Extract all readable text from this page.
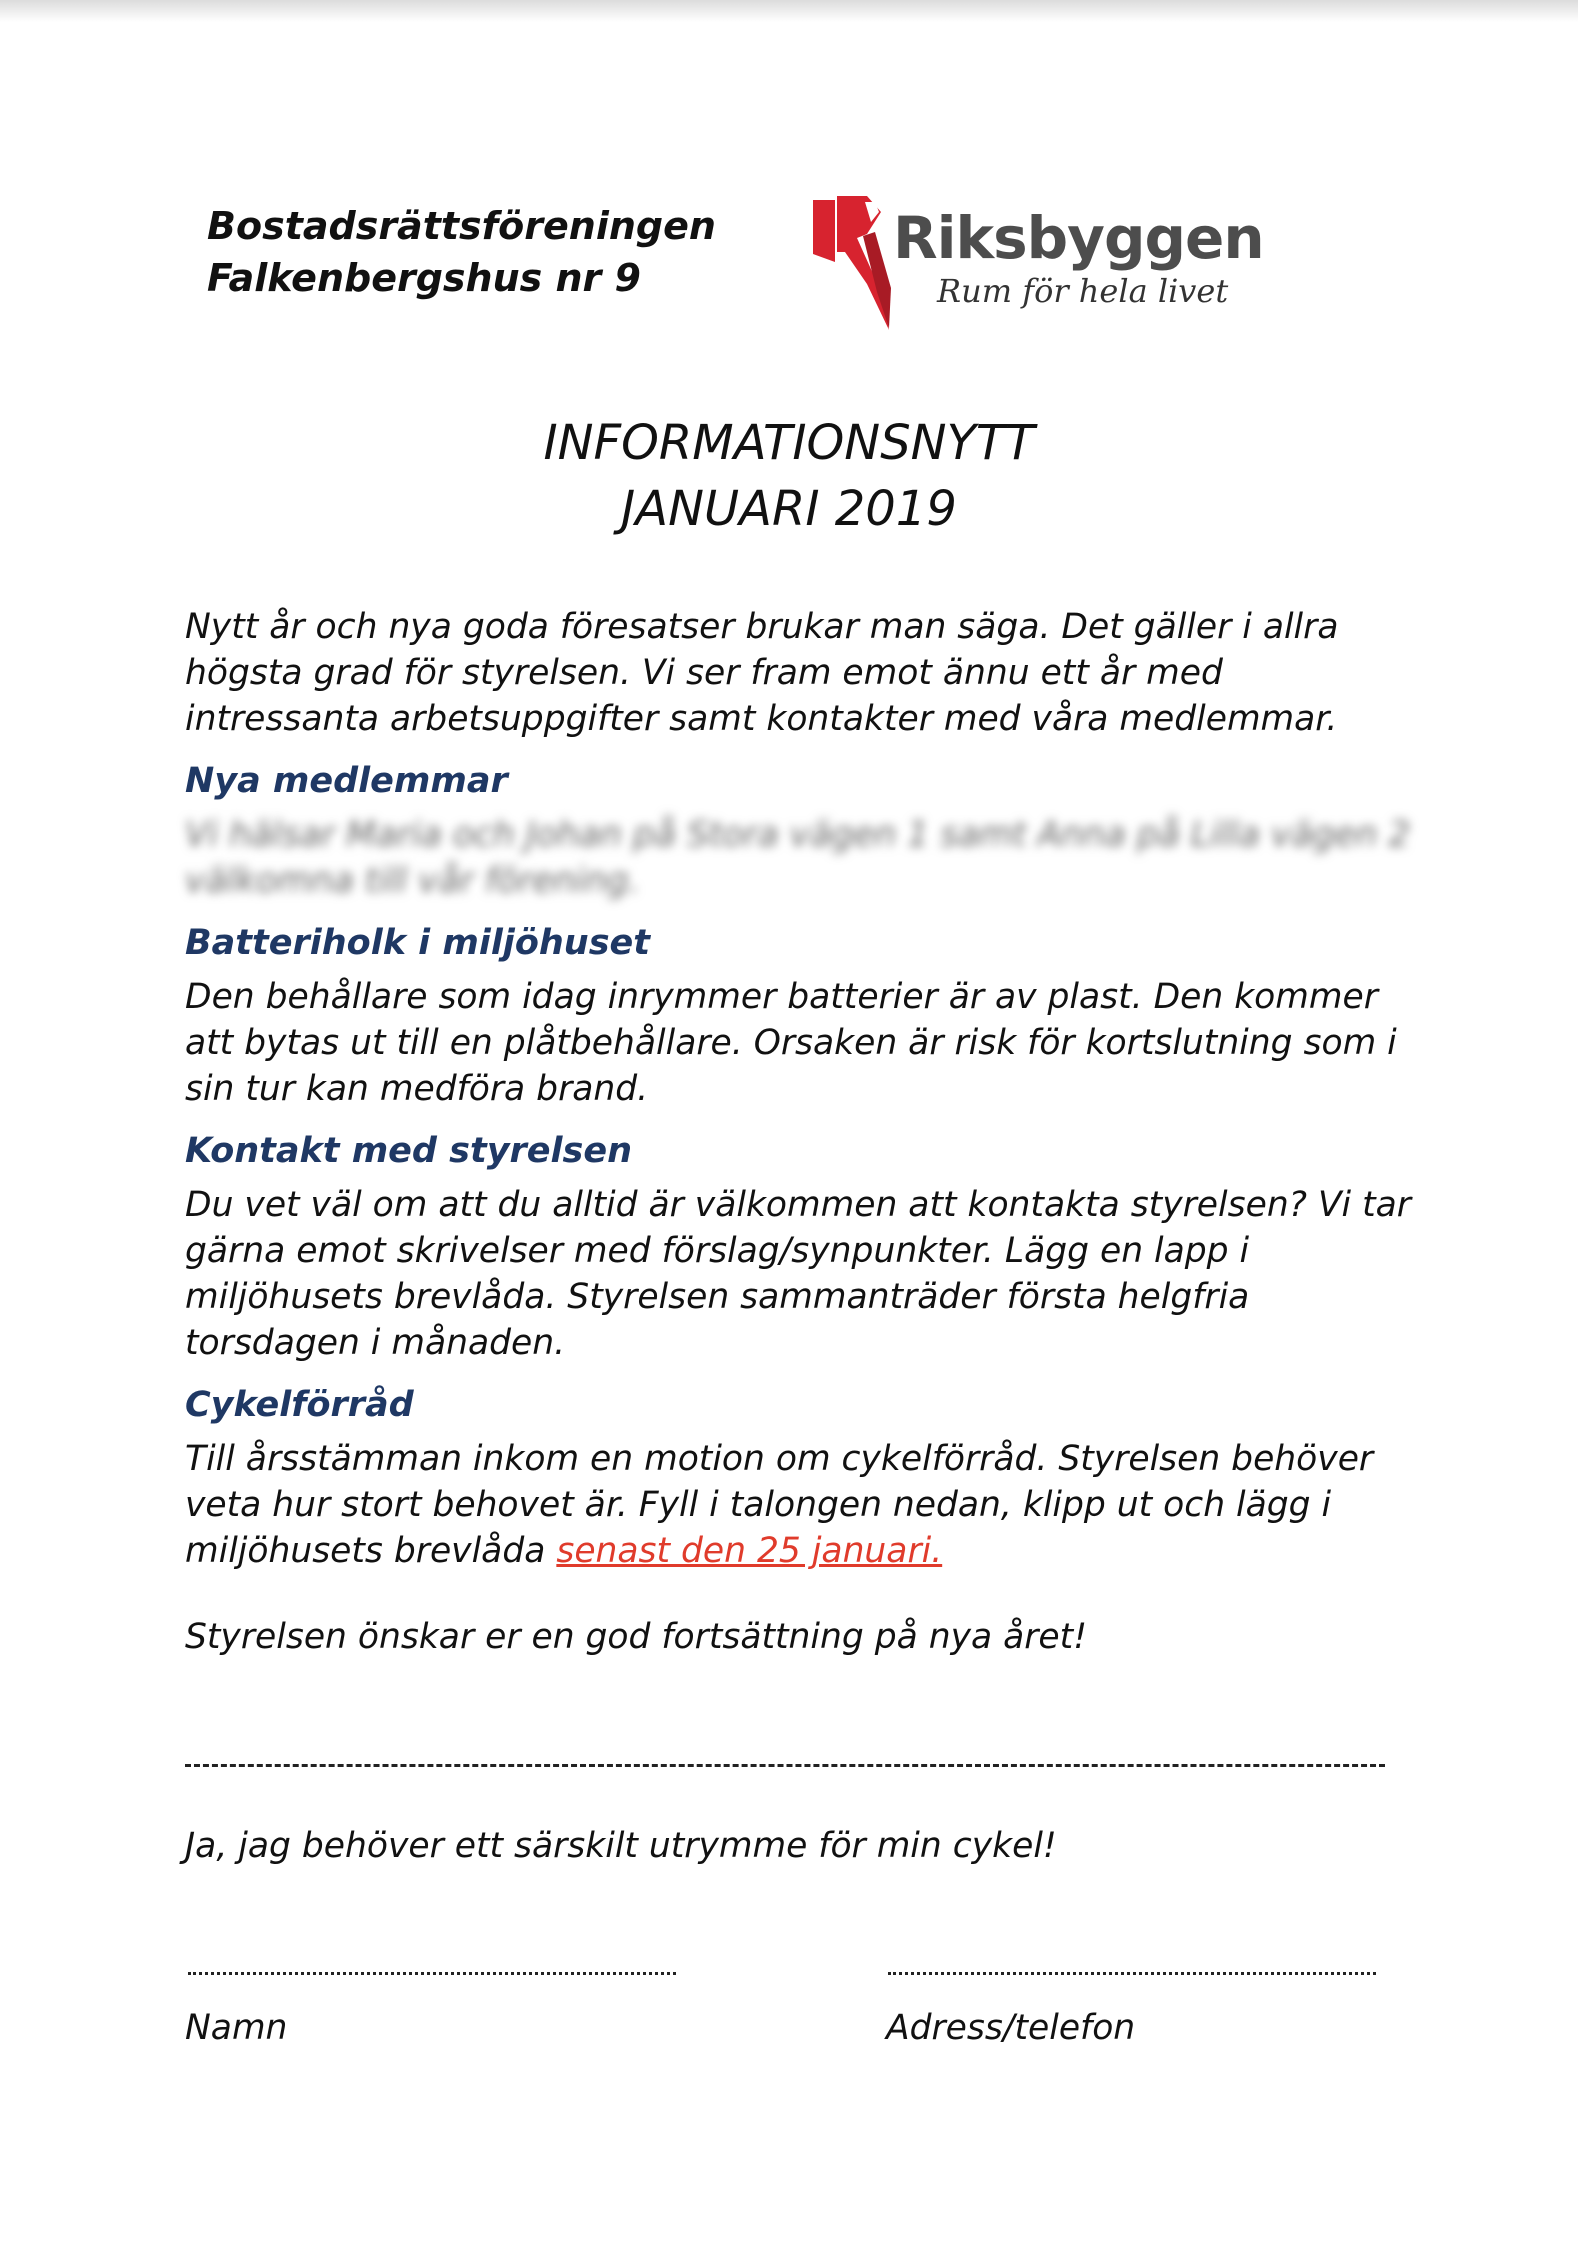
Bostadsrättsföreningen
Falkenbergshus nr 9
Riksbyggen
Rum för hela livet
INFORMATIONSNYTT
JANUARI 2019

Nytt år och nya goda föresatser brukar man säga. Det gäller i allra högsta grad för styrelsen. Vi ser fram emot ännu ett år med intressanta arbetsuppgifter samt kontakter med våra medlemmar.

Nya medlemmar

Vi hälsar Maria och Johan på Stora vägen 1 samt Anna på Lilla vägen 2 välkomna till vår förening.

Batteriholk i miljöhuset

Den behållare som idag inrymmer batterier är av plast. Den kommer att bytas ut till en plåtbehållare. Orsaken är risk för kortslutning som i sin tur kan medföra brand.

Kontakt med styrelsen

Du vet väl om att du alltid är välkommen att kontakta styrelsen? Vi tar gärna emot skrivelser med förslag/synpunkter. Lägg en lapp i miljöhusets brevlåda. Styrelsen sammanträder första helgfria torsdagen i månaden.

Cykelförråd

Till årsstämman inkom en motion om cykelförråd. Styrelsen behöver veta hur stort behovet är. Fyll i talongen nedan, klipp ut och lägg i miljöhusets brevlåda senast den 25 januari.

Styrelsen önskar er en god fortsättning på nya året!

Ja, jag behöver ett särskilt utrymme för min cykel!
Namn	Adress/telefon
